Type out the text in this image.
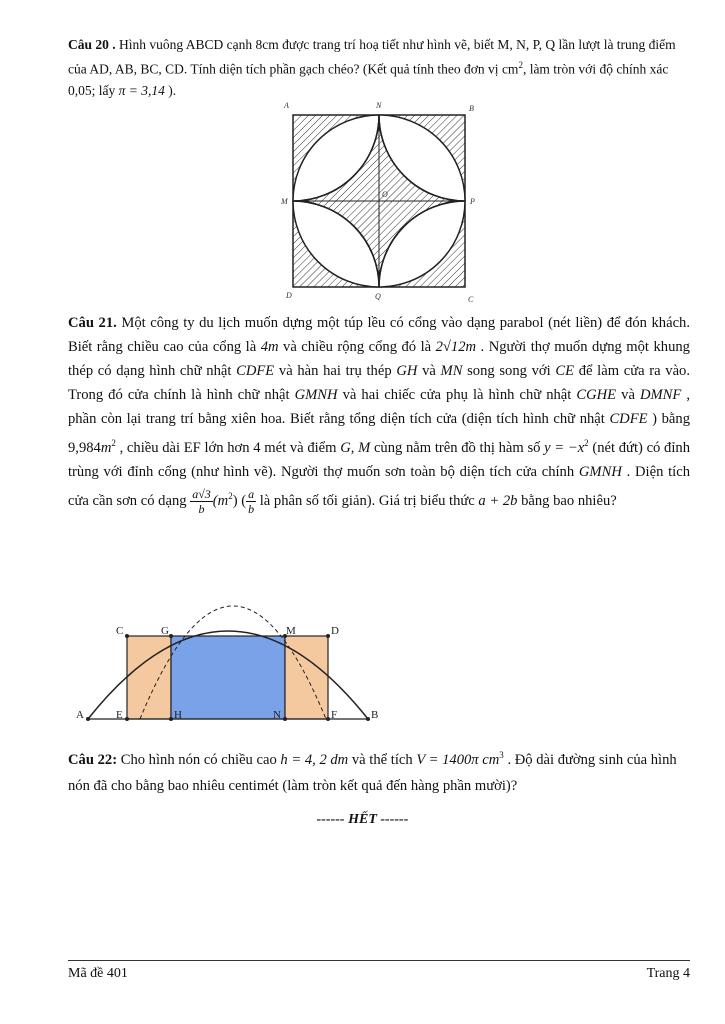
Câu 20 . Hình vuông ABCD cạnh 8cm được trang trí hoạ tiết như hình vẽ, biết M, N, P, Q lần lượt là trung điểm của AD, AB, BC, CD. Tính diện tích phần gạch chéo? (Kết quả tính theo đơn vị $cm^2$, làm tròn với độ chính xác 0,05; lấy π = 3,14 ).
A	N	B
M
O
P
D	Q	C
Câu 21. Một công ty du lịch muốn dựng một túp lều có cổng vào dạng parabol (nét liền) để đón khách. Biết rằng chiều cao của cổng là 4m và chiều rộng cổng đó là 2√12m . Người thợ muốn dựng một khung thép có dạng hình chữ nhật CDFE và hàn hai trụ thép GH và MN song song với CE để làm cửa ra vào. Trong đó cửa chính là hình chữ nhật GMNH và hai chiếc cửa phụ là hình chữ nhật CGHE và DMNF , phần còn lại trang trí bằng xiên hoa. Biết rằng tổng diện tích cửa (diện tích hình chữ nhật CDFE ) bằng $9,984m^2$ , chiều dài EF lớn hơn 4 mét và điểm G, M cùng nằm trên đồ thị hàm số $y = -x^2$ (nét đứt) có đỉnh trùng với đỉnh cổng (như hình vẽ). Người thợ muốn sơn toàn bộ diện tích cửa chính GMNH . Diện tích cửa cần sơn có dạng $\frac{a√3}{b} (m^2)$ ( $\frac{a}{b}$ là phân số tối giản). Giá trị biểu thức a + 2b bằng bao nhiêu?
C	G	M	D
A	E	H	N	F	B
Câu 22: Cho hình nón có chiều cao h = 4, 2 dm và thể tích V = 1400π $cm^3$ . Độ dài đường sinh của hình nón đã cho bằng bao nhiêu centimét (làm tròn kết quả đến hàng phần mười)?
------ HẾT ------
Mã đề 401	Trang 4
